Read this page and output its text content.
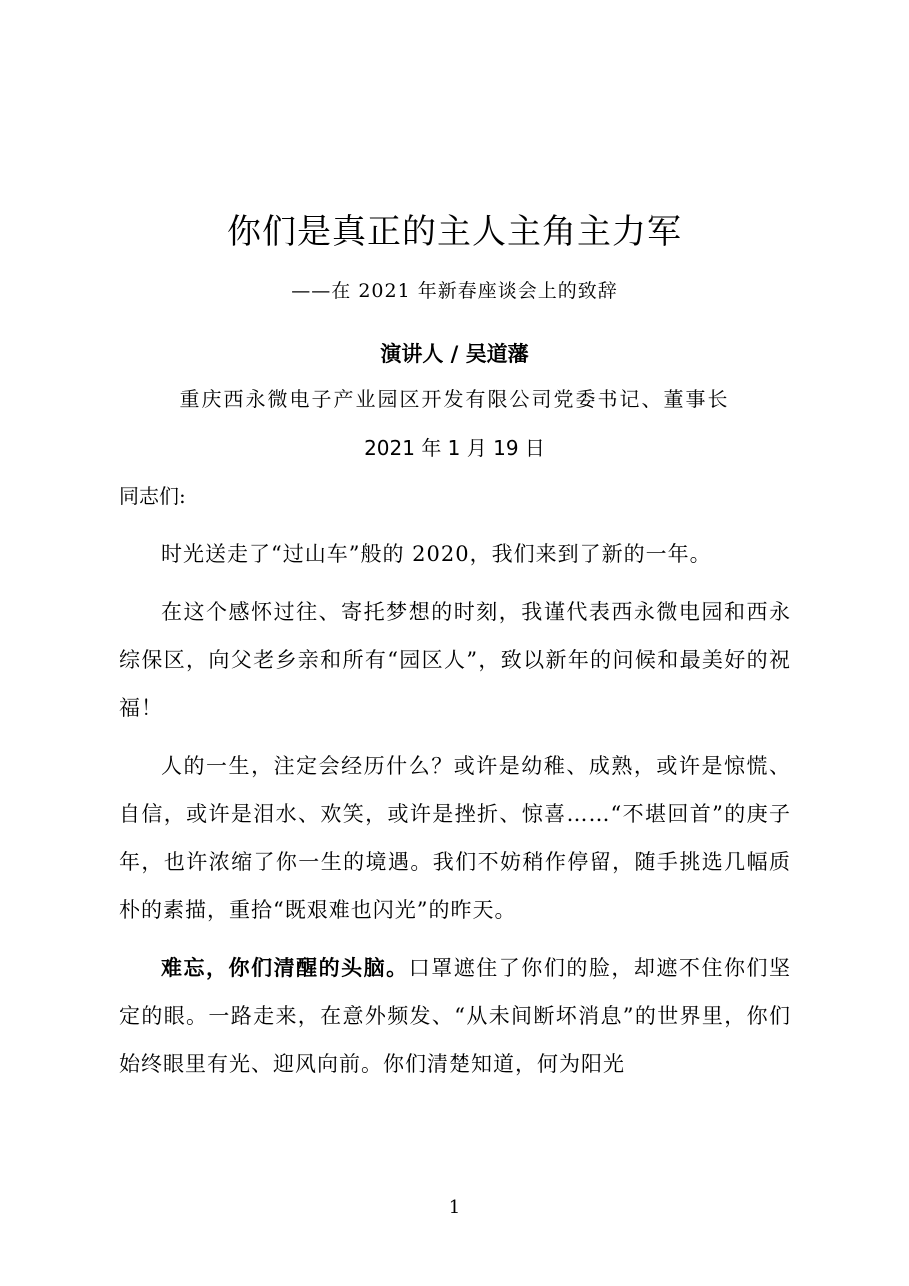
你们是真正的主人主角主力军
——在 2021 年新春座谈会上的致辞
演讲人 / 吴道藩
重庆西永微电子产业园区开发有限公司党委书记、董事长
2021 年 1 月 19 日
同志们:

时光送走了“过山车”般的 2020，我们来到了新的一年。

在这个感怀过往、寄托梦想的时刻，我谨代表西永微电园和西永综保区，向父老乡亲和所有“园区人”，致以新年的问候和最美好的祝福！

人的一生，注定会经历什么？或许是幼稚、成熟，或许是惊慌、自信，或许是泪水、欢笑，或许是挫折、惊喜……“不堪回首”的庚子年，也许浓缩了你一生的境遇。我们不妨稍作停留，随手挑选几幅质朴的素描，重拾“既艰难也闪光”的昨天。

难忘，你们清醒的头脑。口罩遮住了你们的脸，却遮不住你们坚定的眼。一路走来，在意外频发、“从未间断坏消息”的世界里，你们始终眼里有光、迎风向前。你们清楚知道，何为阳光

1
